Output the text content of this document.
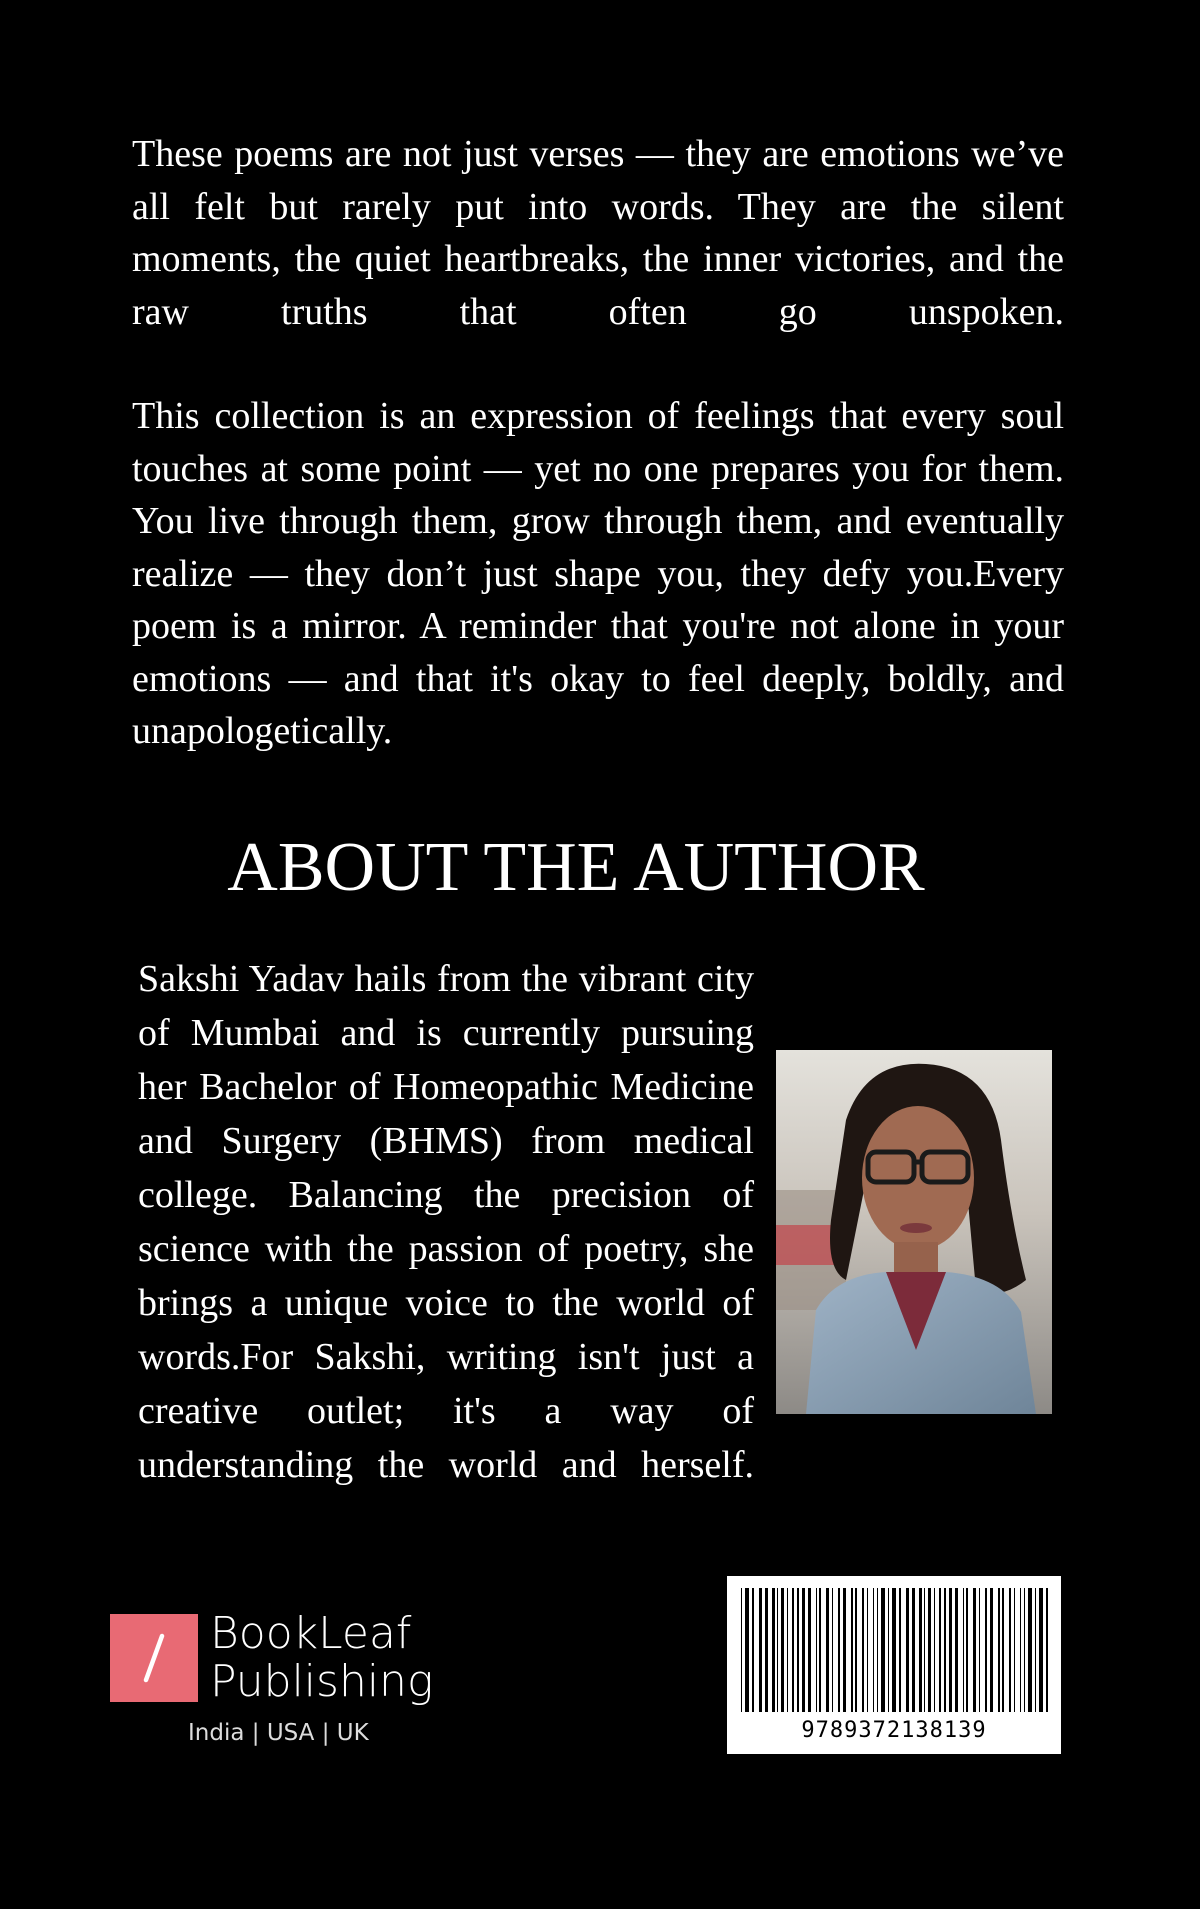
These poems are not just verses — they are emotions we’ve all felt but rarely put into words. They are the silent moments, the quiet heartbreaks, the inner victories, and the raw truths that often go unspoken.

This collection is an expression of feelings that every soul touches at some point — yet no one prepares you for them. You live through them, grow through them, and eventually realize — they don’t just shape you, they defy you.Every poem is a mirror. A reminder that you're not alone in your emotions — and that it's okay to feel deeply, boldly, and unapologetically.

ABOUT THE AUTHOR

Sakshi Yadav hails from the vibrant city of Mumbai and is currently pursuing her Bachelor of Homeopathic Medicine and Surgery (BHMS) from medical college. Balancing the precision of science with the passion of poetry, she brings a unique voice to the world of words.For Sakshi, writing isn't just a creative outlet; it's a way of understanding the world and herself.

BookLeaf
Publishing
India | USA | UK	9789372138139
